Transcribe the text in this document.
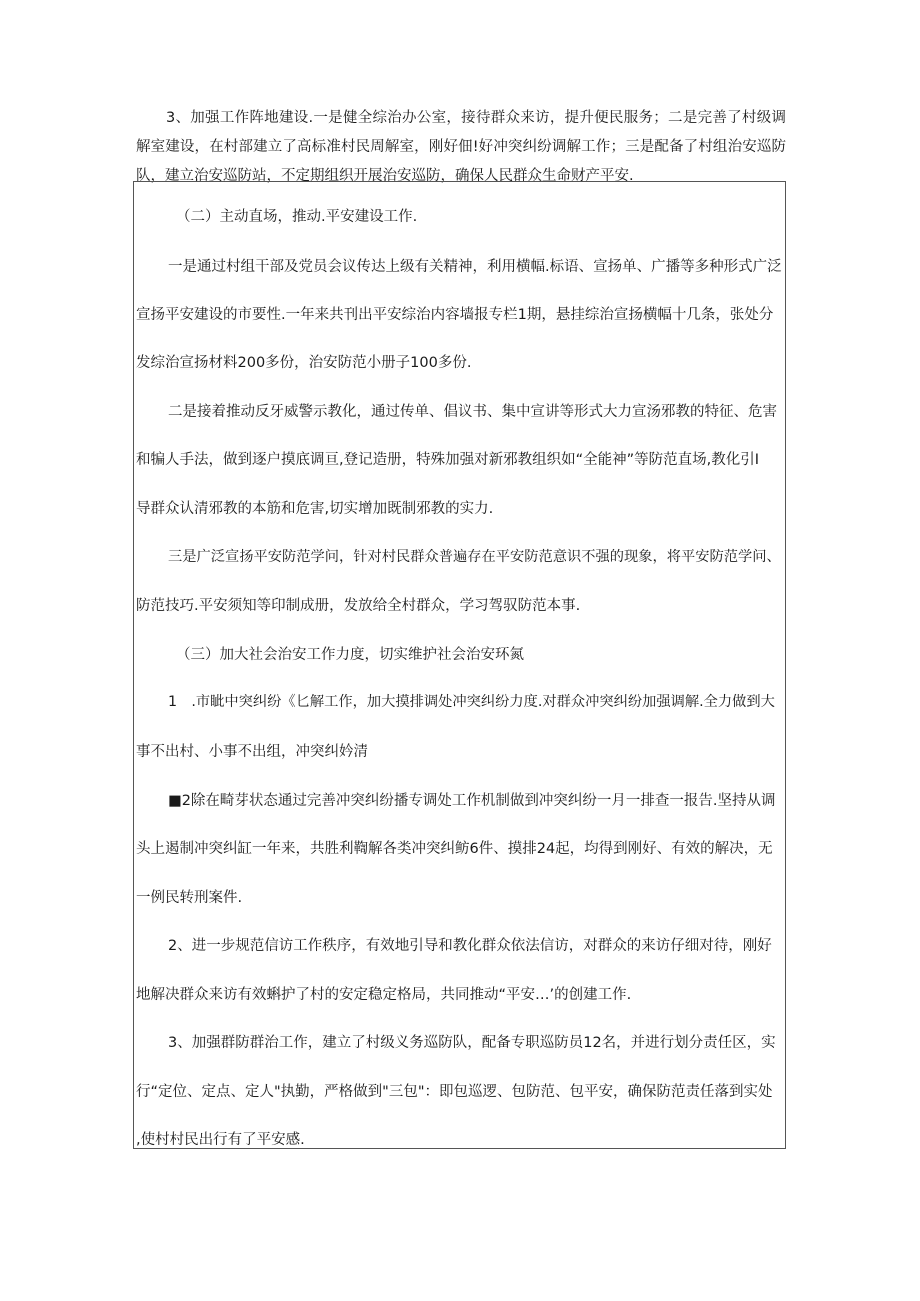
3、加强工作阵地建设.一是健全综治办公室，接待群众来访，提升便民服务；二是完善了村级调解室建设，在村部建立了高标准村民周解室，刚好佃!好冲突纠纷调解工作；三是配备了村组治安巡防队，建立治安巡防站，不定期组织开展治安巡防，确保人民群众生命财产平安.

（二）主动直场，推动.平安建设工作.

一是通过村组干部及党员会议传达上级有关精神，利用横幅.标语、宣扬单、广播等多种形式广泛

宣扬平安建设的市要性.一年来共刊出平安综治内容墙报专栏1期，悬挂综治宣扬横幅十几条，张处分

发综治宣扬材料200多份，治安防范小册子100多份.

二是接着推动反牙威警示教化，通过传单、倡议书、集中宣讲等形式大力宣汤邪教的特征、危害

和犏人手法，做到逐户摸底调亘,登记造册，特殊加强对新邪教组织如“全能神”等防范直场,教化引I

导群众认清邪教的本筋和危害,切实增加既制邪教的实力.

三是广泛宣扬平安防范学问，针对村民群众普遍存在平安防范意识不强的现象，将平安防范学问、

防范技巧.平安须知等印制成册，发放给全村群众，学习驾驭防范本事.

（三）加大社会治安工作力度，切实维护社会治安环氮

1　.市眦中突纠纷《匕解工作，加大摸排调处冲突纠纷力度.对群众冲突纠纷加强调解.全力做到大

事不出村、小事不出组，冲突纠妗清

■2除在畸芽状态通过完善冲突纠纷播专调处工作机制做到冲突纠纷一月一排查一报告.坚持从调

头上遏制冲突纠缸一年来，共胜利鞫解各类冲突纠鲂6件、摸排24起，均得到刚好、有效的解决，无

一例民转刑案件.

2、进一步规范信访工作秩序，有效地引导和教化群众依法信访，对群众的来访仔细对待，刚好

地解决群众来访有效蝌护了村的安定稳定格局，共同推动“平安…’的创建工作.

3、加强群防群治工作，建立了村级义务巡防队，配备专职巡防员12名，并进行划分责任区，实

行“定位、定点、定人"执勤，严格做到"三包"：即包巡逻、包防范、包平安，确保防范责任落到实处

,使村村民出行有了平安感.
